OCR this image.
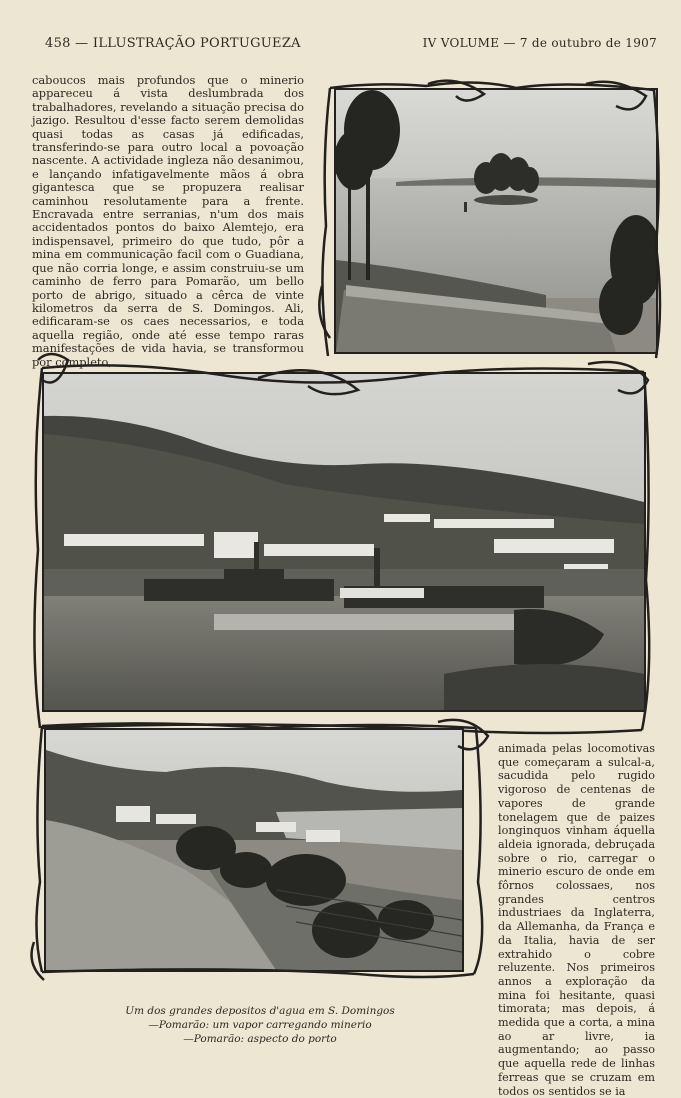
458 — ILLUSTRAÇÃO PORTUGUEZA	IV VOLUME — 7 de outubro de 1907

caboucos mais profundos que o minerio appareceu á vista deslumbrada dos trabalhadores, revelando a situação precisa do jazigo. Resultou d'esse facto serem demolidas quasi todas as casas já edificadas, transferindo-se para outro local a povoação nascente. A actividade ingleza não desanimou, e lançando infatigavelmente mãos á obra gigantesca que se propuzera realisar caminhou resolutamente para a frente. Encravada entre serranias, n'um dos mais accidentados pontos do baixo Alemtejo, era indispensavel, primeiro do que tudo, pôr a mina em communicação facil com o Guadiana, que não corria longe, e assim construiu-se um caminho de ferro para Pomarão, um bello porto de abrigo, situado a cêrca de vinte kilometros da serra de S. Domingos. Ali, edificaram-se os caes necessarios, e toda aquella região, onde até esse tempo raras manifestações de vida havia, se transformou por completo,

animada pelas locomotivas que começaram a sulcal-a, sacudida pelo rugido vigoroso de centenas de vapores de grande tonelagem que de paizes longinquos vinham áquella aldeia ignorada, debruçada sobre o rio, carregar o minerio escuro de onde em fôrnos colossaes, nos grandes centros industriaes da Inglaterra, da Allemanha, da França e da Italia, havia de ser extrahido o cobre reluzente. Nos primeiros annos a exploração da mina foi hesitante, quasi timorata; mas depois, á medida que a corta, a mina ao ar livre, ia augmentando; ao passo que aquella rede de linhas ferreas que se cruzam em todos os sentidos se ia

Um dos grandes depositos d'agua em S. Domingos
—Pomarão: um vapor carregando minerio
—Pomarão: aspecto do porto
